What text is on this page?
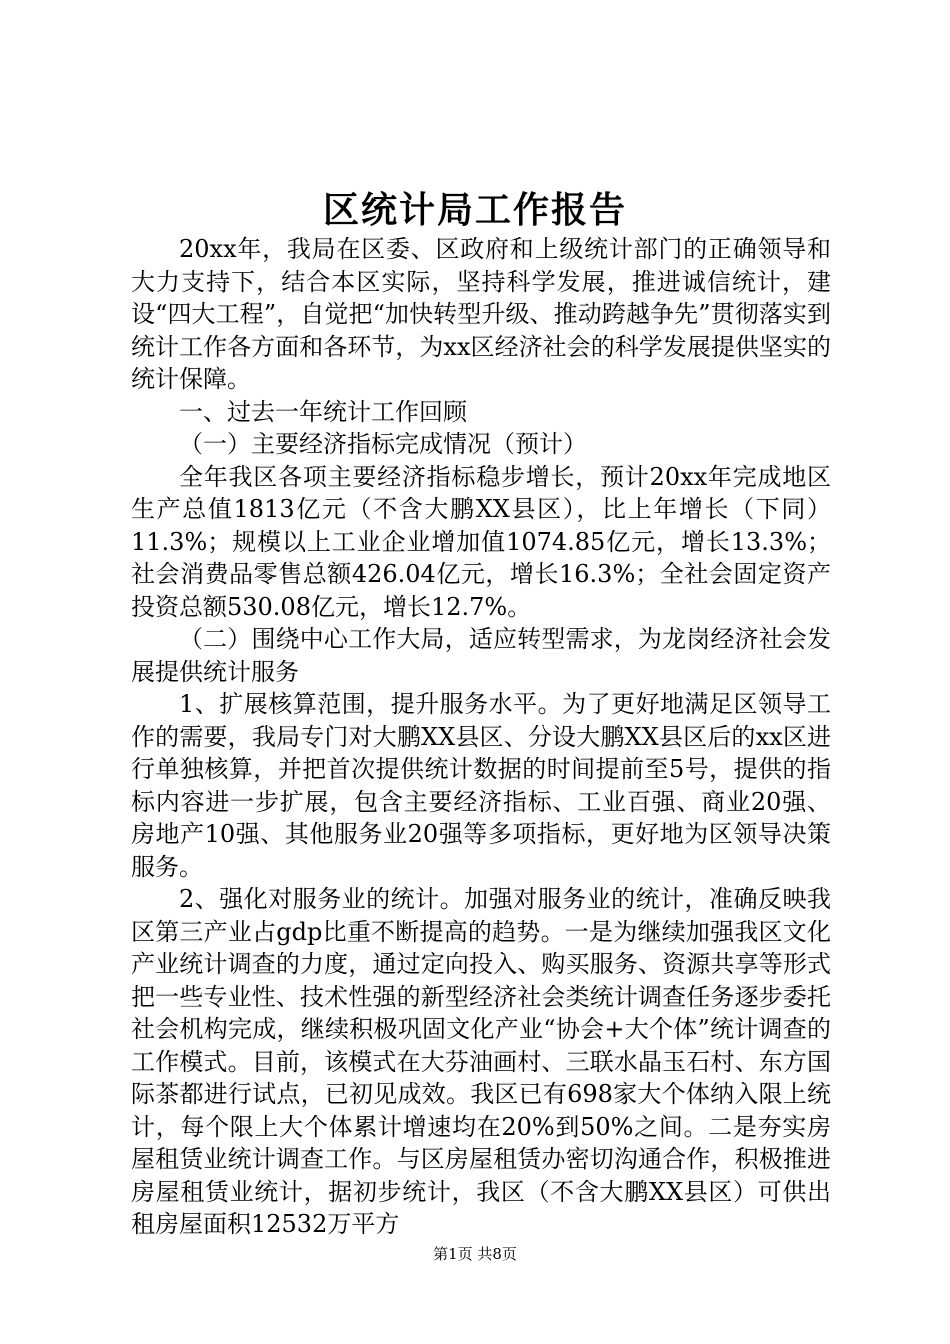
区统计局工作报告

20xx年，我局在区委、区政府和上级统计部门的正确领导和大力支持下，结合本区实际，坚持科学发展，推进诚信统计，建设“四大工程”，自觉把“加快转型升级、推动跨越争先”贯彻落实到统计工作各方面和各环节，为xx区经济社会的科学发展提供坚实的统计保障。

一、过去一年统计工作回顾

（一）主要经济指标完成情况（预计）

全年我区各项主要经济指标稳步增长，预计20xx年完成地区生产总值1813亿元（不含大鹏XX县区），比上年增长（下同）11.3%；规模以上工业企业增加值1074.85亿元，增长13.3%；社会消费品零售总额426.04亿元，增长16.3%；全社会固定资产投资总额530.08亿元，增长12.7%。

（二）围绕中心工作大局，适应转型需求，为龙岗经济社会发展提供统计服务

1、扩展核算范围，提升服务水平。为了更好地满足区领导工作的需要，我局专门对大鹏XX县区、分设大鹏XX县区后的xx区进行单独核算，并把首次提供统计数据的时间提前至5号，提供的指标内容进一步扩展，包含主要经济指标、工业百强、商业20强、房地产10强、其他服务业20强等多项指标，更好地为区领导决策服务。

2、强化对服务业的统计。加强对服务业的统计，准确反映我区第三产业占gdp比重不断提高的趋势。一是为继续加强我区文化产业统计调查的力度，通过定向投入、购买服务、资源共享等形式把一些专业性、技术性强的新型经济社会类统计调查任务逐步委托社会机构完成，继续积极巩固文化产业“协会+大个体”统计调查的工作模式。目前，该模式在大芬油画村、三联水晶玉石村、东方国际茶都进行试点，已初见成效。我区已有698家大个体纳入限上统计，每个限上大个体累计增速均在20%到50%之间。二是夯实房屋租赁业统计调查工作。与区房屋租赁办密切沟通合作，积极推进房屋租赁业统计，据初步统计，我区（不含大鹏XX县区）可供出租房屋面积12532万平方

第1页 共8页
